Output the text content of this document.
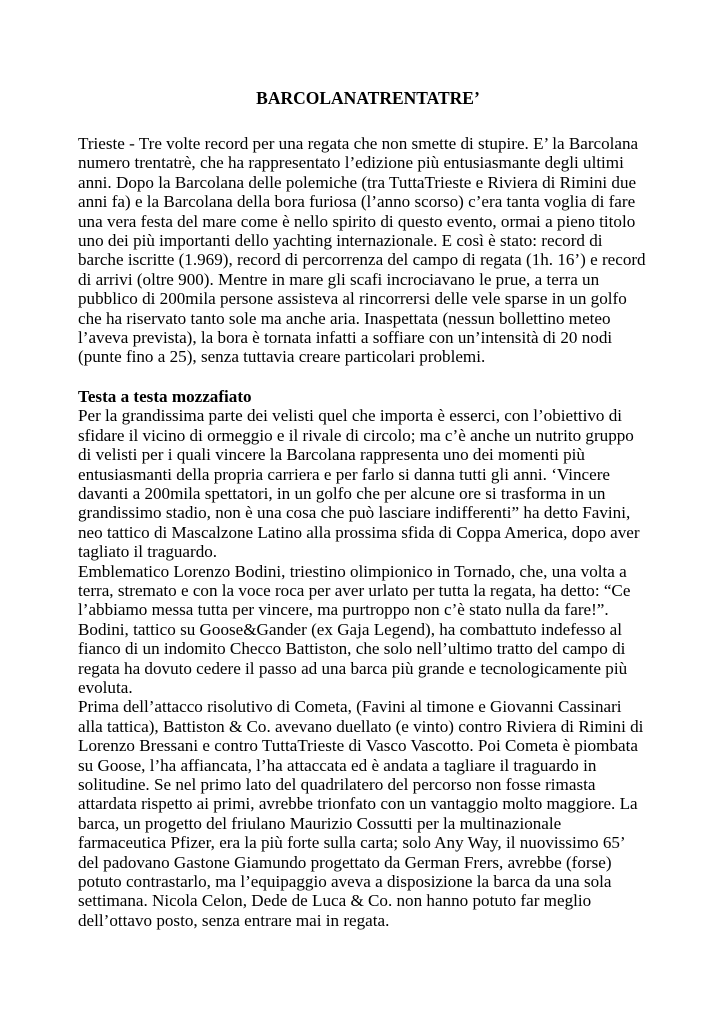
BARCOLANATRENTATRE’
Trieste - Tre volte record per una regata che non smette di stupire. E’ la Barcolana
numero trentatrè, che ha rappresentato l’edizione più entusiasmante degli ultimi
anni. Dopo la Barcolana delle polemiche (tra TuttaTrieste e Riviera di Rimini due
anni fa) e la Barcolana della bora furiosa (l’anno scorso) c’era tanta voglia di fare
una vera festa del mare come è nello spirito di questo evento, ormai a pieno titolo
uno dei più importanti dello yachting internazionale. E così è stato: record di
barche iscritte (1.969), record di percorrenza del campo di regata (1h. 16’) e record
di arrivi (oltre 900). Mentre in mare gli scafi incrociavano le prue, a terra un
pubblico di 200mila persone assisteva al rincorrersi delle vele sparse in un golfo
che ha riservato tanto sole ma anche aria. Inaspettata (nessun bollettino meteo
l’aveva prevista), la bora è tornata infatti a soffiare con un’intensità di 20 nodi
(punte fino a 25), senza tuttavia creare particolari problemi.
Testa a testa mozzafiato
Per la grandissima parte dei velisti quel che importa è esserci, con l’obiettivo di
sfidare il vicino di ormeggio e il rivale di circolo; ma c’è anche un nutrito gruppo
di velisti per i quali vincere la Barcolana rappresenta uno dei momenti più
entusiasmanti della propria carriera e per farlo si danna tutti gli anni. ‘Vincere
davanti a 200mila spettatori, in un golfo che per alcune ore si trasforma in un
grandissimo stadio, non è una cosa che può lasciare indifferenti” ha detto Favini,
neo tattico di Mascalzone Latino alla prossima sfida di Coppa America, dopo aver
tagliato il traguardo.
Emblematico Lorenzo Bodini, triestino olimpionico in Tornado, che, una volta a
terra, stremato e con la voce roca per aver urlato per tutta la regata, ha detto: “Ce
l’abbiamo messa tutta per vincere, ma purtroppo non c’è stato nulla da fare!”.
Bodini, tattico su Goose&Gander (ex Gaja Legend), ha combattuto indefesso al
fianco di un indomito Checco Battiston, che solo nell’ultimo tratto del campo di
regata ha dovuto cedere il passo ad una barca più grande e tecnologicamente più
evoluta.
Prima dell’attacco risolutivo di Cometa, (Favini al timone e Giovanni Cassinari
alla tattica), Battiston & Co. avevano duellato (e vinto) contro Riviera di Rimini di
Lorenzo Bressani e contro TuttaTrieste di Vasco Vascotto. Poi Cometa è piombata
su Goose, l’ha affiancata, l’ha attaccata ed è andata a tagliare il traguardo in
solitudine. Se nel primo lato del quadrilatero del percorso non fosse rimasta
attardata rispetto ai primi, avrebbe trionfato con un vantaggio molto maggiore. La
barca, un progetto del friulano Maurizio Cossutti per la multinazionale
farmaceutica Pfizer, era la più forte sulla carta; solo Any Way, il nuovissimo 65’
del padovano Gastone Giamundo progettato da German Frers, avrebbe (forse)
potuto contrastarlo, ma l’equipaggio aveva a disposizione la barca da una sola
settimana. Nicola Celon, Dede de Luca & Co. non hanno potuto far meglio
dell’ottavo posto, senza entrare mai in regata.
